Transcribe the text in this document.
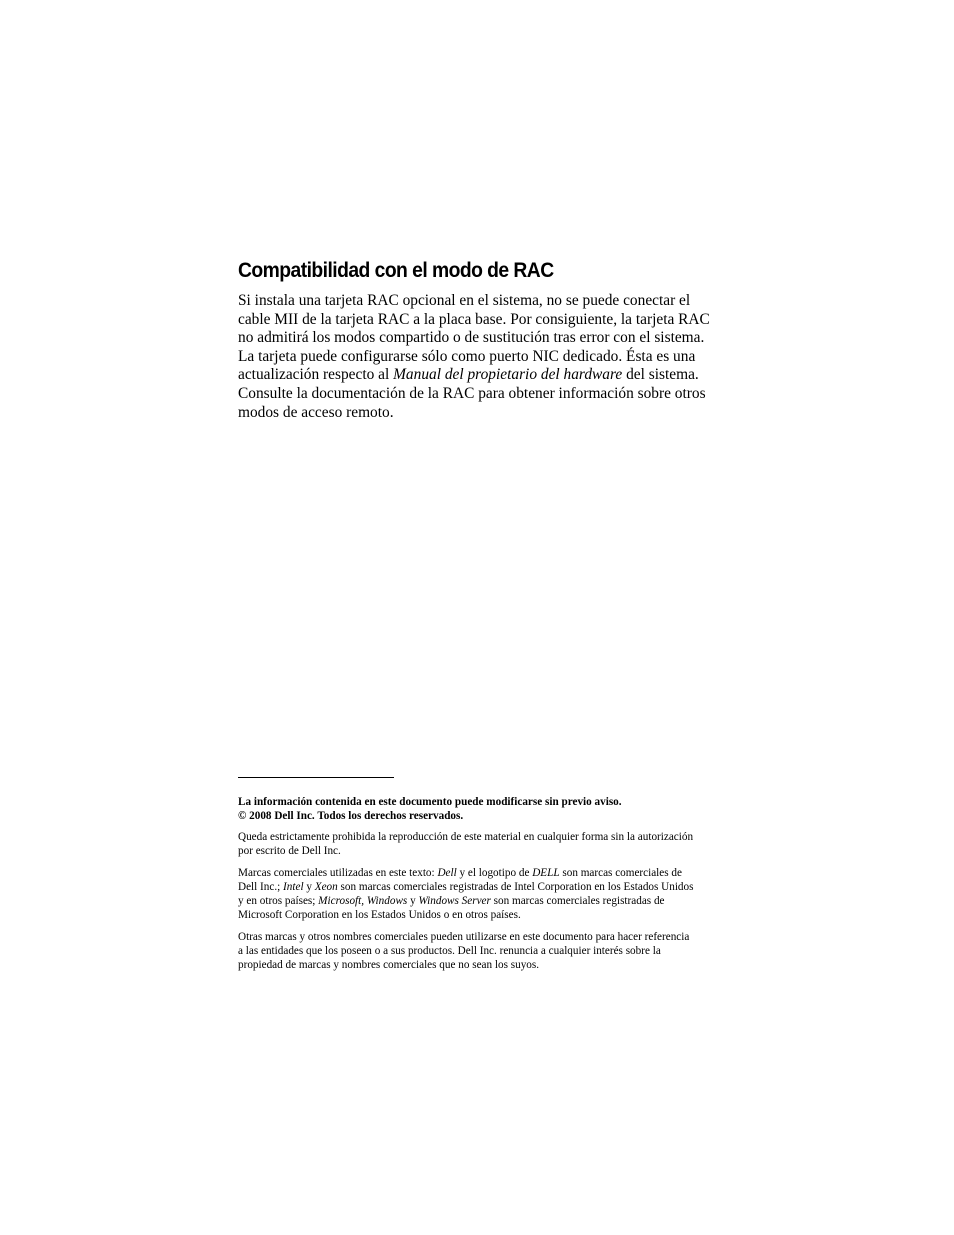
Compatibilidad con el modo de RAC

Si instala una tarjeta RAC opcional en el sistema, no se puede conectar el
cable MII de la tarjeta RAC a la placa base. Por consiguiente, la tarjeta RAC
no admitirá los modos compartido o de sustitución tras error con el sistema.
La tarjeta puede configurarse sólo como puerto NIC dedicado. Ésta es una
actualización respecto al Manual del propietario del hardware del sistema.
Consulte la documentación de la RAC para obtener información sobre otros
modos de acceso remoto.

La información contenida en este documento puede modificarse sin previo aviso.
© 2008 Dell Inc. Todos los derechos reservados.

Queda estrictamente prohibida la reproducción de este material en cualquier forma sin la autorización
por escrito de Dell Inc.

Marcas comerciales utilizadas en este texto: Dell y el logotipo de DELL son marcas comerciales de
Dell Inc.; Intel y Xeon son marcas comerciales registradas de Intel Corporation en los Estados Unidos
y en otros países; Microsoft, Windows y Windows Server son marcas comerciales registradas de
Microsoft Corporation en los Estados Unidos o en otros países.

Otras marcas y otros nombres comerciales pueden utilizarse en este documento para hacer referencia
a las entidades que los poseen o a sus productos. Dell Inc. renuncia a cualquier interés sobre la
propiedad de marcas y nombres comerciales que no sean los suyos.
